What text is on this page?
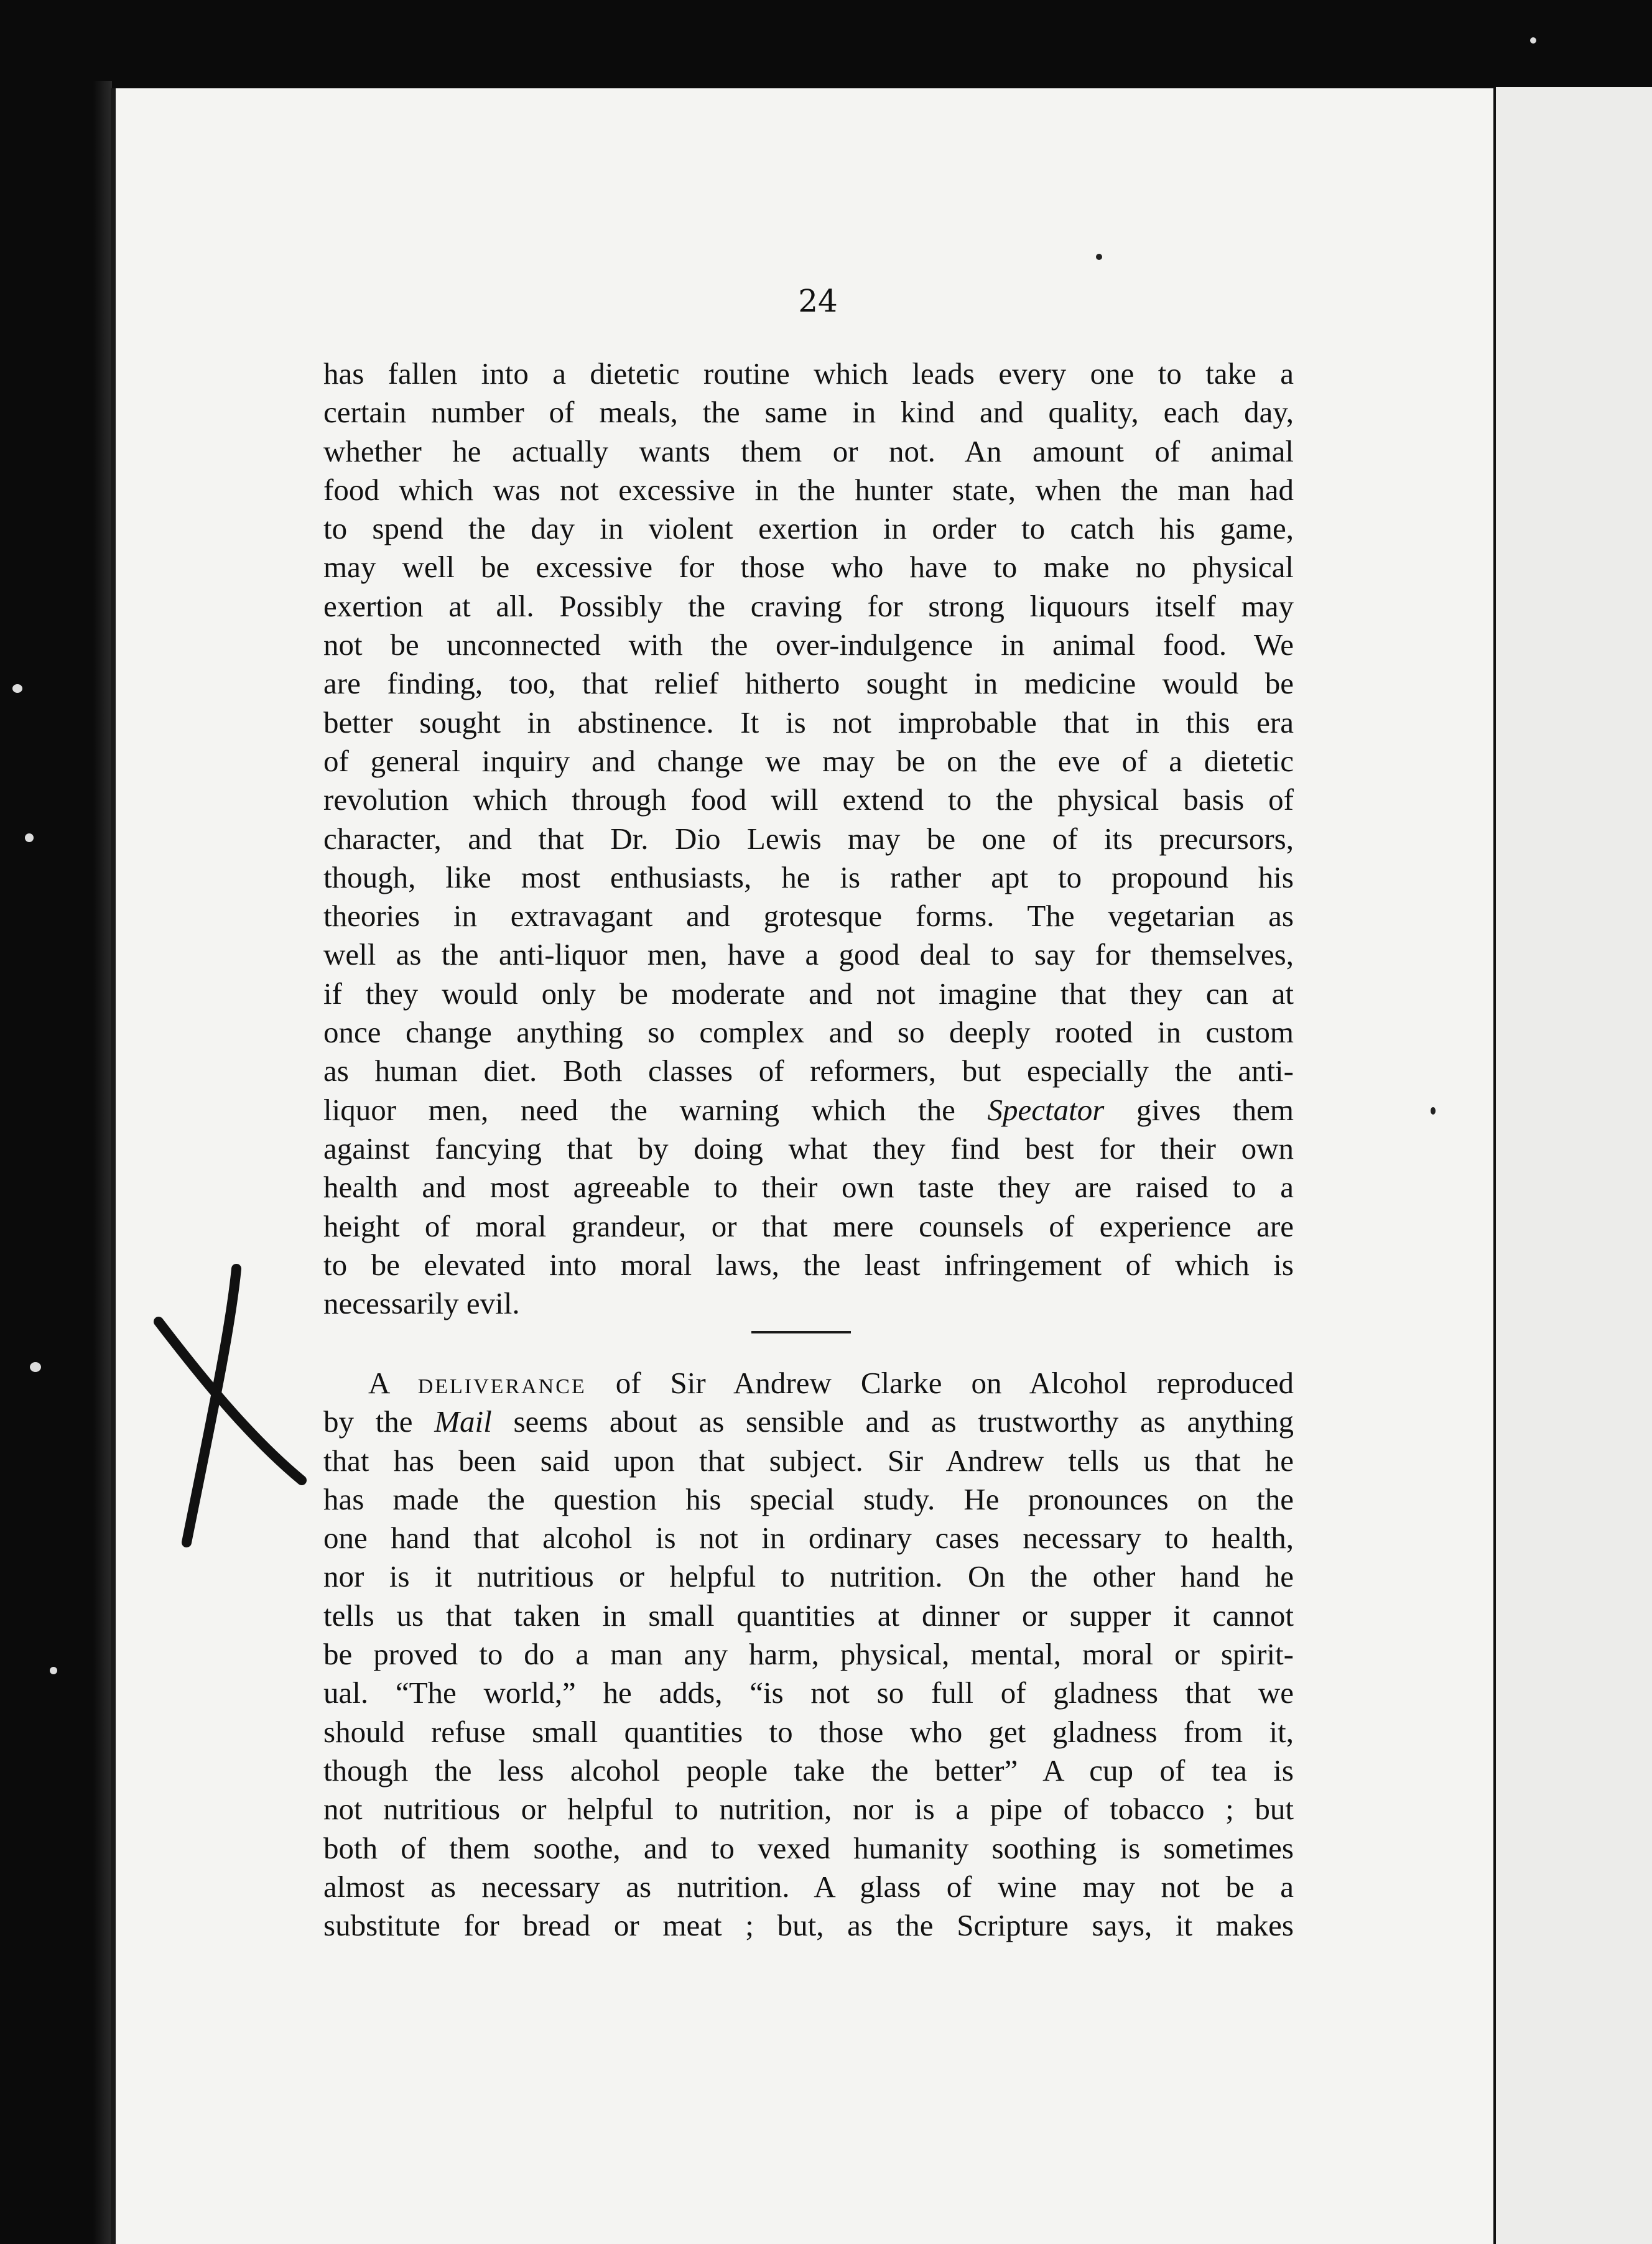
24

has fallen into a dietetic routine which leads every one to take a
certain number of meals, the same in kind and quality, each day,
whether he actually wants them or not. An amount of animal
food which was not excessive in the hunter state, when the man had
to spend the day in violent exertion in order to catch his game,
may well be excessive for those who have to make no physical
exertion at all. Possibly the craving for strong liquours itself may
not be unconnected with the over-indulgence in animal food. We
are finding, too, that relief hitherto sought in medicine would be
better sought in abstinence. It is not improbable that in this era
of general inquiry and change we may be on the eve of a dietetic
revolution which through food will extend to the physical basis of
character, and that Dr. Dio Lewis may be one of its precursors,
though, like most enthusiasts, he is rather apt to propound his
theories in extravagant and grotesque forms. The vegetarian as
well as the anti-liquor men, have a good deal to say for themselves,
if they would only be moderate and not imagine that they can at
once change anything so complex and so deeply rooted in custom
as human diet. Both classes of reformers, but especially the anti-
liquor men, need the warning which the Spectator gives them
against fancying that by doing what they find best for their own
health and most agreeable to their own taste they are raised to a
height of moral grandeur, or that mere counsels of experience are
to be elevated into moral laws, the least infringement of which is
necessarily evil.

A deliverance of Sir Andrew Clarke on Alcohol reproduced
by the Mail seems about as sensible and as trustworthy as anything
that has been said upon that subject. Sir Andrew tells us that he
has made the question his special study. He pronounces on the
one hand that alcohol is not in ordinary cases necessary to health,
nor is it nutritious or helpful to nutrition. On the other hand he
tells us that taken in small quantities at dinner or supper it cannot
be proved to do a man any harm, physical, mental, moral or spirit-
ual. “The world,” he adds, “is not so full of gladness that we
should refuse small quantities to those who get gladness from it,
though the less alcohol people take the better” A cup of tea is
not nutritious or helpful to nutrition, nor is a pipe of tobacco ; but
both of them soothe, and to vexed humanity soothing is sometimes
almost as necessary as nutrition. A glass of wine may not be a
substitute for bread or meat ; but, as the Scripture says, it makes
